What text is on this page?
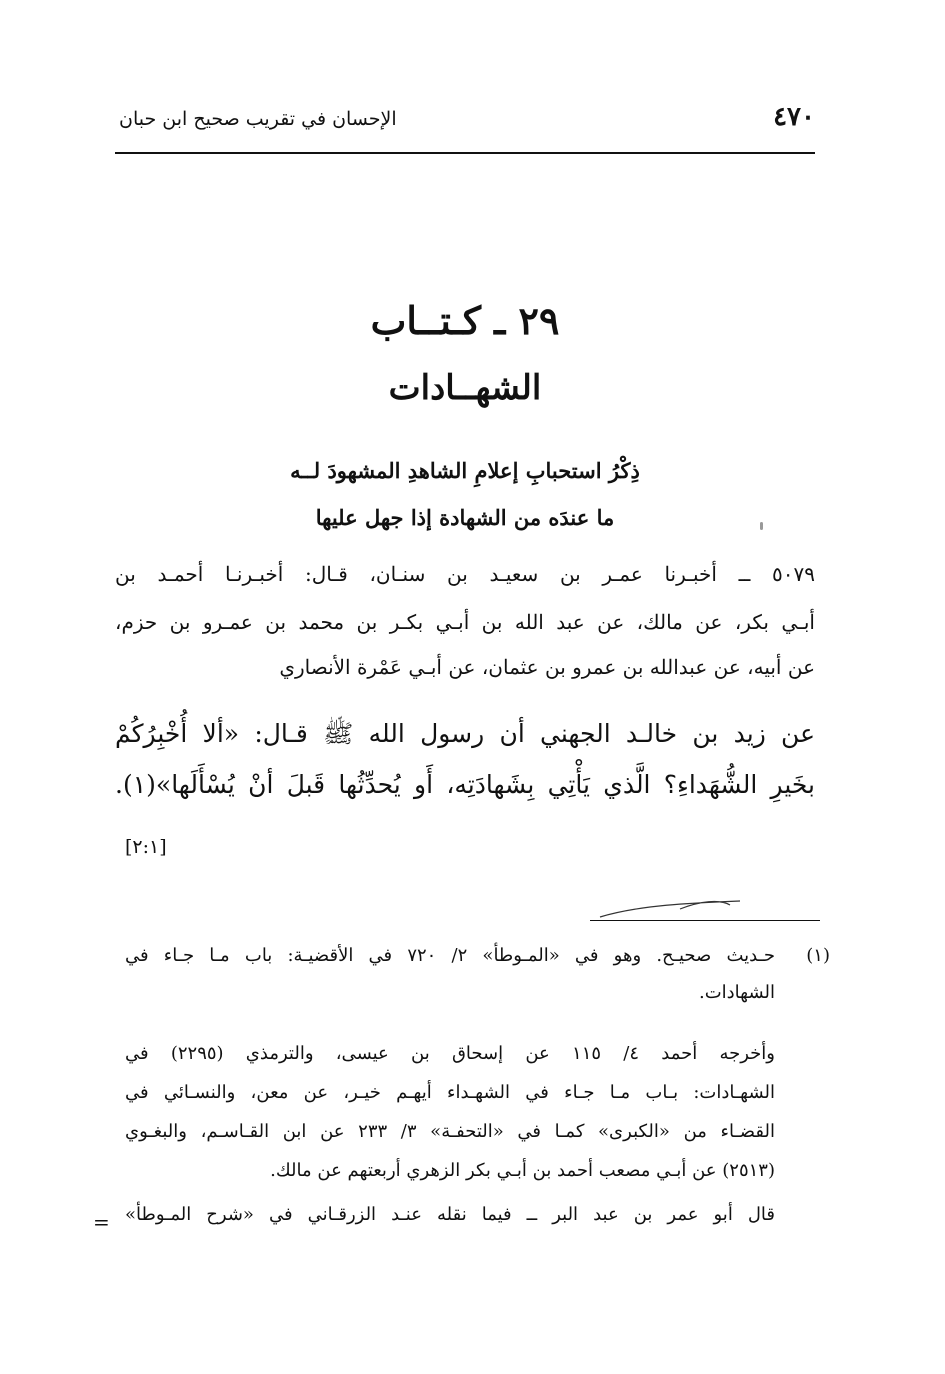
٤٧٠
الإحسان في تقريب صحيح ابن حبان
٢٩ ـ كـتــاب
الشهــادات
ذِكْرُ استحبابِ إعلامِ الشاهدِ المشهودَ لــه
ما عندَه من الشهادة إذا جهل عليها
٥٠٧٩ ــ أخبـرنا عمـر بن سعيـد بن سنـان، قـال: أخبـرنـا أحمـد بن
أبـي بكر، عن مالك، عن عبد الله بن أبـي بكـر بن محمد بن عمـرو بن حزم،
عن أبيه، عن عبدالله بن عمرو بن عثمان، عن أبـي عَمْرة الأنصاري
عن زيد بن خالـد الجهني أن رسول الله ﷺ قـال: «ألا أُخْبِرُكُمْ
بخَيرِ الشُّهَداءِ؟ الَّذي يَأْتِي بِشَهادَتِه، أَو يُحدِّثُها قَبلَ أنْ يُسْأَلَها»(١).
[٢:١]
(١)
حـديث صحيـح. وهو في «المـوطأ» ٢/ ٧٢٠ في الأقضيـة: باب مـا جـاء في
الشهادات.
وأخرجه أحمد ٤/ ١١٥ عن إسحاق بن عيسى، والترمذي (٢٢٩٥) في
الشهـادات: بـاب مـا جـاء في الشهـداء أيهـم خيـر، عن معن، والنسـائي في
القضـاء من «الكبرى» كمـا في «التحفـة» ٣/ ٢٣٣ عن ابن القـاسـم، والبغـوي
(٢٥١٣) عن أبـي مصعب أحمد بن أبـي بكر الزهري أربعتهم عن مالك.
قال أبو عمر بن عبد البر ــ فيما نقله عنـد الزرقـاني في «شرح المـوطأ»
=
